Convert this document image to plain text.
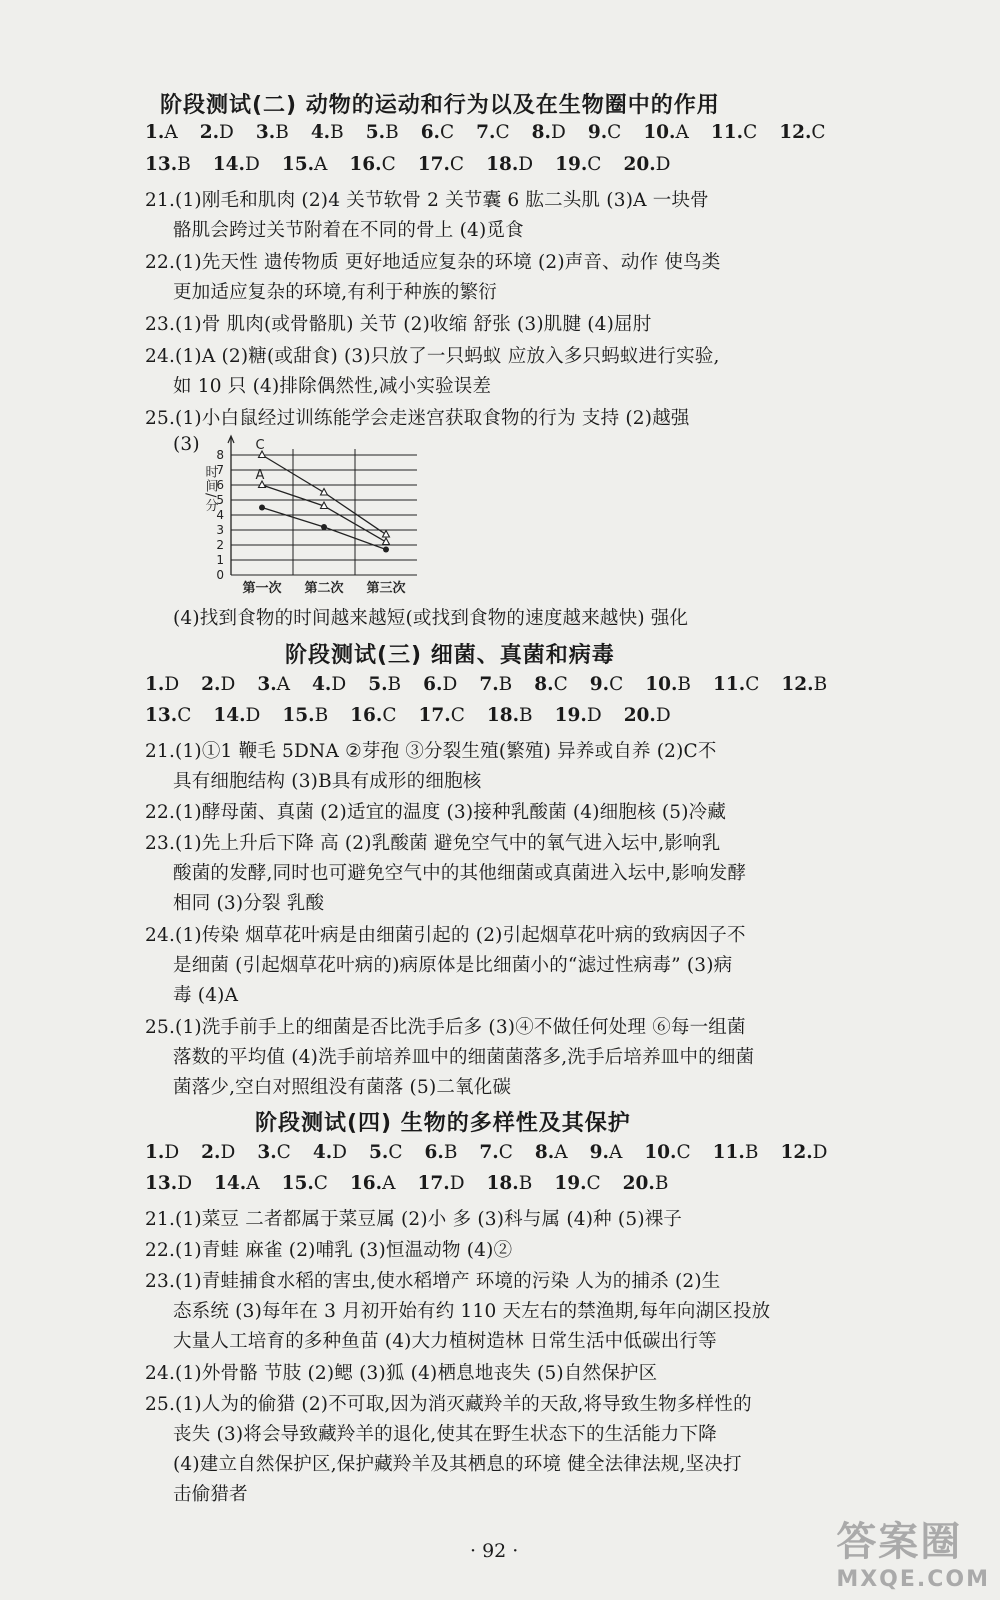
阶段测试(二) 动物的运动和行为以及在生物圈中的作用
1.A 2.D 3.B 4.B 5.B 6.C 7.C 8.D 9.C 10.A 11.C 12.C
13.B 14.D 15.A 16.C 17.C 18.D 19.C 20.D
21.(1)刚毛和肌肉 (2)4 关节软骨 2 关节囊 6 肱二头肌 (3)A 一块骨
骼肌会跨过关节附着在不同的骨上 (4)觅食
22.(1)先天性 遗传物质 更好地适应复杂的环境 (2)声音、动作 使鸟类
更加适应复杂的环境,有利于种族的繁衍
23.(1)骨 肌肉(或骨骼肌) 关节 (2)收缩 舒张 (3)肌腱 (4)屈肘
24.(1)A (2)糖(或甜食) (3)只放了一只蚂蚁 应放入多只蚂蚁进行实验,
如 10 只 (4)排除偶然性,减小实验误差
25.(1)小白鼠经过训练能学会走迷宫获取食物的行为 支持 (2)越强
(3)
0
1
2
3
4
5
6
7
8
时间/分
第一次 第二次 第三次
C
A
(4)找到食物的时间越来越短(或找到食物的速度越来越快) 强化
阶段测试(三) 细菌、真菌和病毒
1.D 2.D 3.A 4.D 5.B 6.D 7.B 8.C 9.C 10.B 11.C 12.B
13.C 14.D 15.B 16.C 17.C 18.B 19.D 20.D
21.(1)①1 鞭毛 5DNA ②芽孢 ③分裂生殖(繁殖) 异养或自养 (2)C不
具有细胞结构 (3)B具有成形的细胞核
22.(1)酵母菌、真菌 (2)适宜的温度 (3)接种乳酸菌 (4)细胞核 (5)冷藏
23.(1)先上升后下降 高 (2)乳酸菌 避免空气中的氧气进入坛中,影响乳
酸菌的发酵,同时也可避免空气中的其他细菌或真菌进入坛中,影响发酵
相同 (3)分裂 乳酸
24.(1)传染 烟草花叶病是由细菌引起的 (2)引起烟草花叶病的致病因子不
是细菌 (引起烟草花叶病的)病原体是比细菌小的“滤过性病毒” (3)病
毒 (4)A
25.(1)洗手前手上的细菌是否比洗手后多 (3)④不做任何处理 ⑥每一组菌
落数的平均值 (4)洗手前培养皿中的细菌菌落多,洗手后培养皿中的细菌
菌落少,空白对照组没有菌落 (5)二氧化碳
阶段测试(四) 生物的多样性及其保护
1.D 2.D 3.C 4.D 5.C 6.B 7.C 8.A 9.A 10.C 11.B 12.D
13.D 14.A 15.C 16.A 17.D 18.B 19.C 20.B
21.(1)菜豆 二者都属于菜豆属 (2)小 多 (3)科与属 (4)种 (5)裸子
22.(1)青蛙 麻雀 (2)哺乳 (3)恒温动物 (4)②
23.(1)青蛙捕食水稻的害虫,使水稻增产 环境的污染 人为的捕杀 (2)生
态系统 (3)每年在 3 月初开始有约 110 天左右的禁渔期,每年向湖区投放
大量人工培育的多种鱼苗 (4)大力植树造林 日常生活中低碳出行等
24.(1)外骨骼 节肢 (2)鳃 (3)狐 (4)栖息地丧失 (5)自然保护区
25.(1)人为的偷猎 (2)不可取,因为消灭藏羚羊的天敌,将导致生物多样性的
丧失 (3)将会导致藏羚羊的退化,使其在野生状态下的生活能力下降
(4)建立自然保护区,保护藏羚羊及其栖息的环境 健全法律法规,坚决打
击偷猎者
· 92 ·	答案圈
MXQE.COM
